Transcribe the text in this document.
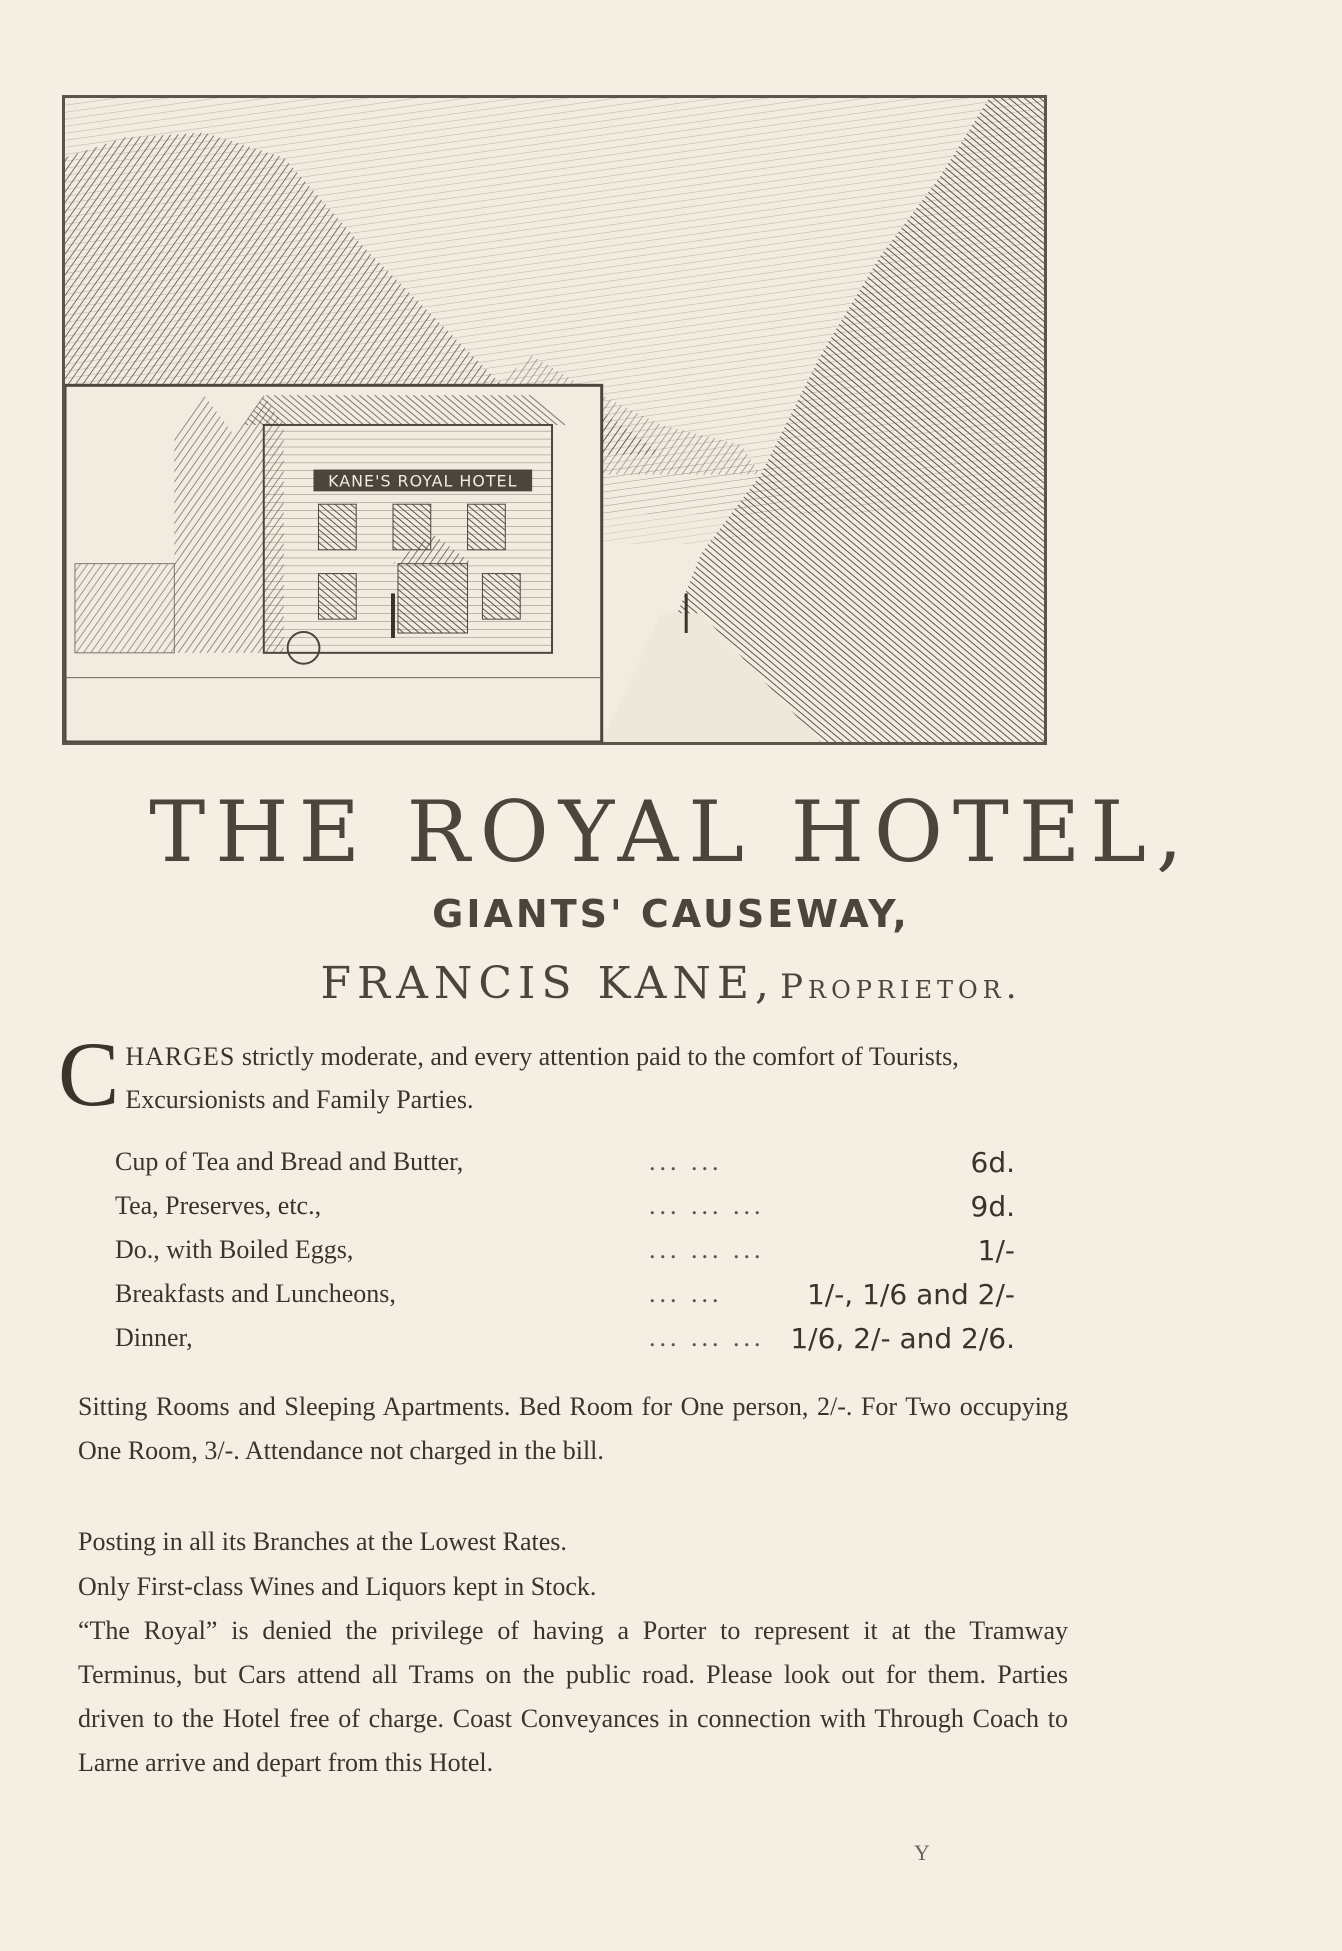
KANE'S ROYAL HOTEL
THE ROYAL HOTEL,
GIANTS' CAUSEWAY,
FRANCIS KANE, Proprietor.
CHARGES strictly moderate, and every attention paid to the comfort of Tourists, Excursionists and Family Parties.
Cup of Tea and Bread and Butter,	... ...	6d.
Tea, Preserves, etc.,	... ... ...	9d.
Do., with Boiled Eggs,	... ... ...	1/-
Breakfasts and Luncheons,	... ...	1/-, 1/6 and 2/-
Dinner,	... ... ...	1/6, 2/- and 2/6.

Sitting Rooms and Sleeping Apartments. Bed Room for One person, 2/-. For Two occupying One Room, 3/-. Attendance not charged in the bill.

Posting in all its Branches at the Lowest Rates.

Only First-class Wines and Liquors kept in Stock.

“The Royal” is denied the privilege of having a Porter to represent it at the Tramway Terminus, but Cars attend all Trams on the public road. Please look out for them. Parties driven to the Hotel free of charge. Coast Conveyances in connection with Through Coach to Larne arrive and depart from this Hotel.

Y
